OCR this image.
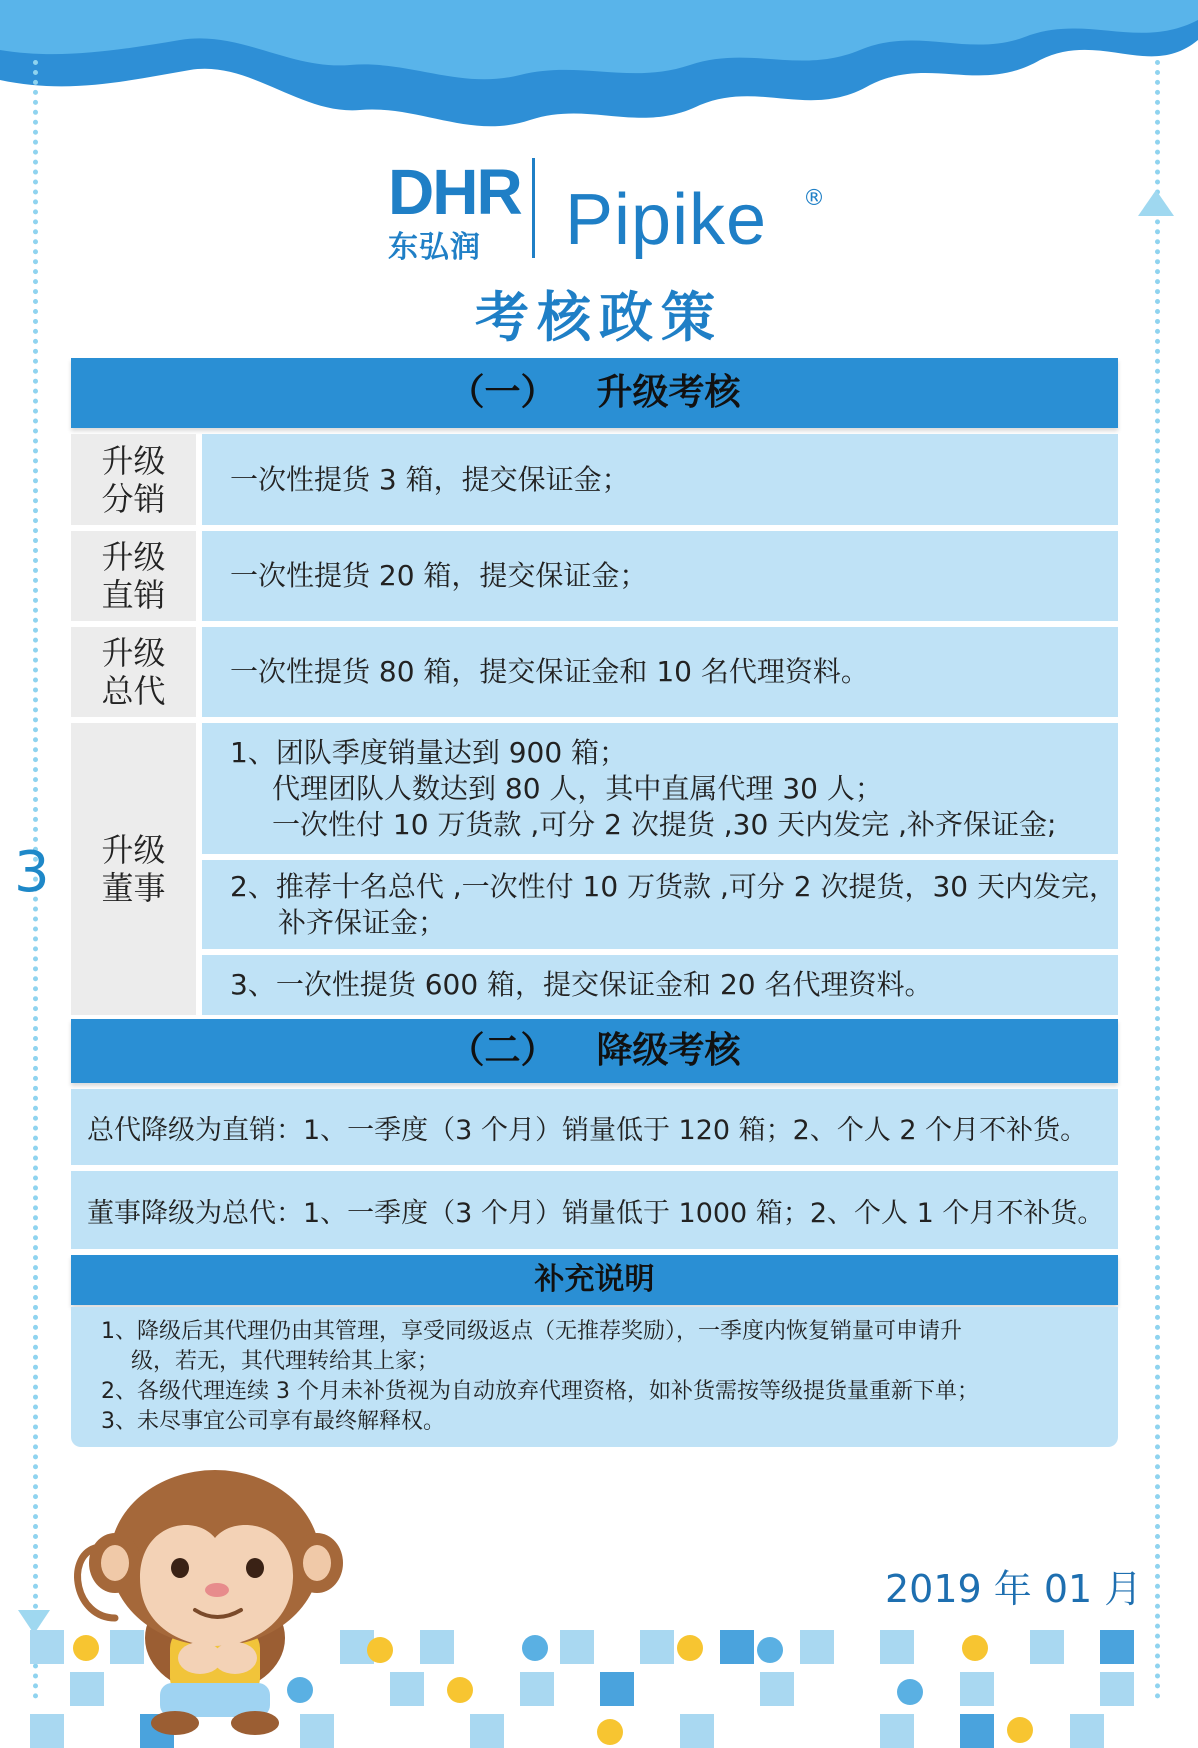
3
DHR
东弘润 Pipike ®
考核政策
（一） 升级考核
升级
分销
一次性提货 3 箱，提交保证金；
升级
直销
一次性提货 20 箱，提交保证金；
升级
总代
一次性提货 80 箱，提交保证金和 10 名代理资料。
升级
董事
1、团队季度销量达到 900 箱；
代理团队人数达到 80 人，其中直属代理 30 人；
一次性付 10 万货款 ,可分 2 次提货 ,30 天内发完 ,补齐保证金;
2、推荐十名总代 ,一次性付 10 万货款 ,可分 2 次提货，30 天内发完，
补齐保证金；
3、一次性提货 600 箱，提交保证金和 20 名代理资料。
（二） 降级考核
总代降级为直销：1、一季度（3 个月）销量低于 120 箱；2、个人 2 个月不补货。
董事降级为总代：1、一季度（3 个月）销量低于 1000 箱；2、个人 1 个月不补货。
补充说明
1、降级后其代理仍由其管理，享受同级返点（无推荐奖励），一季度内恢复销量可申请升
级，若无，其代理转给其上家；
2、各级代理连续 3 个月未补货视为自动放弃代理资格，如补货需按等级提货量重新下单；
3、未尽事宜公司享有最终解释权。
2019 年 01 月
